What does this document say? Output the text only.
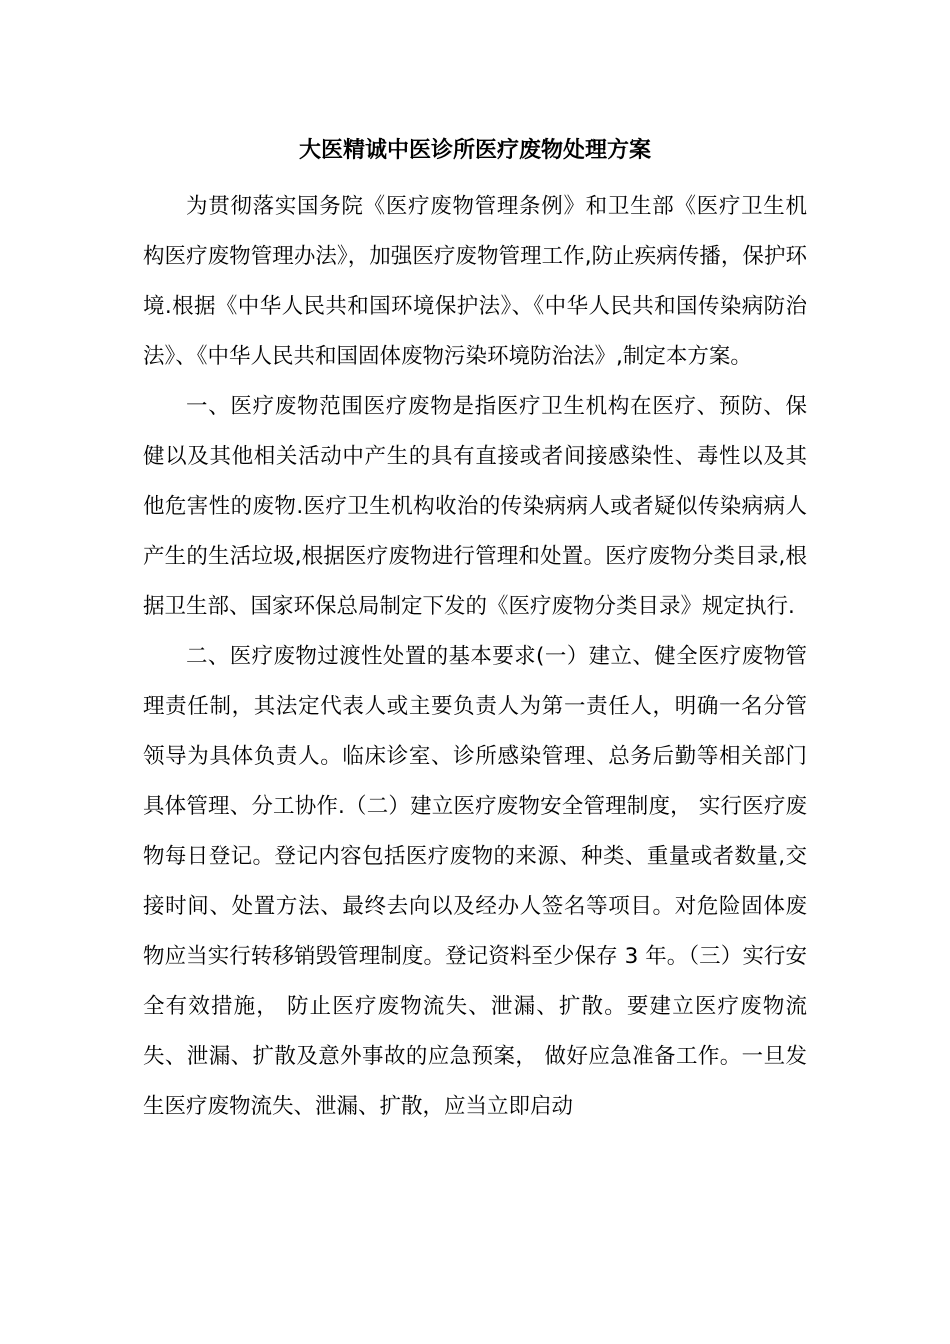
大医精诚中医诊所医疗废物处理方案

为贯彻落实国务院《医疗废物管理条例》和卫生部《医疗卫生机构医疗废物管理办法》，加强医疗废物管理工作,防止疾病传播，保护环境.根据《中华人民共和国环境保护法》、《中华人民共和国传染病防治法》、《中华人民共和国固体废物污染环境防治法》,制定本方案。

一、医疗废物范围医疗废物是指医疗卫生机构在医疗、预防、保健以及其他相关活动中产生的具有直接或者间接感染性、毒性以及其他危害性的废物.医疗卫生机构收治的传染病病人或者疑似传染病病人产生的生活垃圾,根据医疗废物进行管理和处置。医疗废物分类目录,根据卫生部、国家环保总局制定下发的《医疗废物分类目录》规定执行.

二、医疗废物过渡性处置的基本要求(一）建立、健全医疗废物管理责任制，其法定代表人或主要负责人为第一责任人，明确一名分管领导为具体负责人。临床诊室、诊所感染管理、总务后勤等相关部门具体管理、分工协作.（二）建立医疗废物安全管理制度， 实行医疗废物每日登记。登记内容包括医疗废物的来源、种类、重量或者数量,交接时间、处置方法、最终去向以及经办人签名等项目。对危险固体废物应当实行转移销毁管理制度。登记资料至少保存 3 年。（三）实行安全有效措施， 防止医疗废物流失、泄漏、扩散。要建立医疗废物流失、泄漏、扩散及意外事故的应急预案， 做好应急准备工作。一旦发生医疗废物流失、泄漏、扩散，应当立即启动
